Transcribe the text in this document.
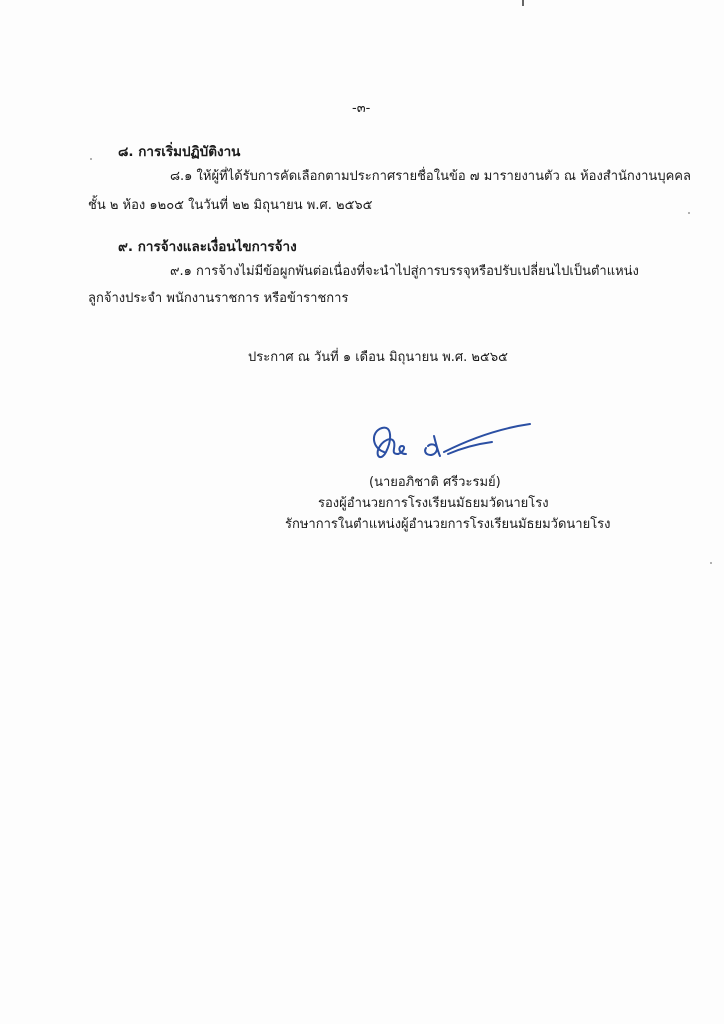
-๓-
๘. การเริ่มปฏิบัติงาน
๘.๑ ให้ผู้ที่ได้รับการคัดเลือกตามประกาศรายชื่อในข้อ ๗ มารายงานตัว ณ ห้องสำนักงานบุคคล
ชั้น ๒ ห้อง ๑๒๐๕ ในวันที่ ๒๒ มิถุนายน พ.ศ. ๒๕๖๕
๙. การจ้างและเงื่อนไขการจ้าง
๙.๑ การจ้างไม่มีข้อผูกพันต่อเนื่องที่จะนำไปสู่การบรรจุหรือปรับเปลี่ยนไปเป็นตำแหน่ง
ลูกจ้างประจำ พนักงานราชการ หรือข้าราชการ
ประกาศ ณ วันที่ ๑ เดือน มิถุนายน พ.ศ. ๒๕๖๕
(นายอภิชาติ ศรีวะรมย์)
รองผู้อำนวยการโรงเรียนมัธยมวัดนายโรง
รักษาการในตำแหน่งผู้อำนวยการโรงเรียนมัธยมวัดนายโรง
